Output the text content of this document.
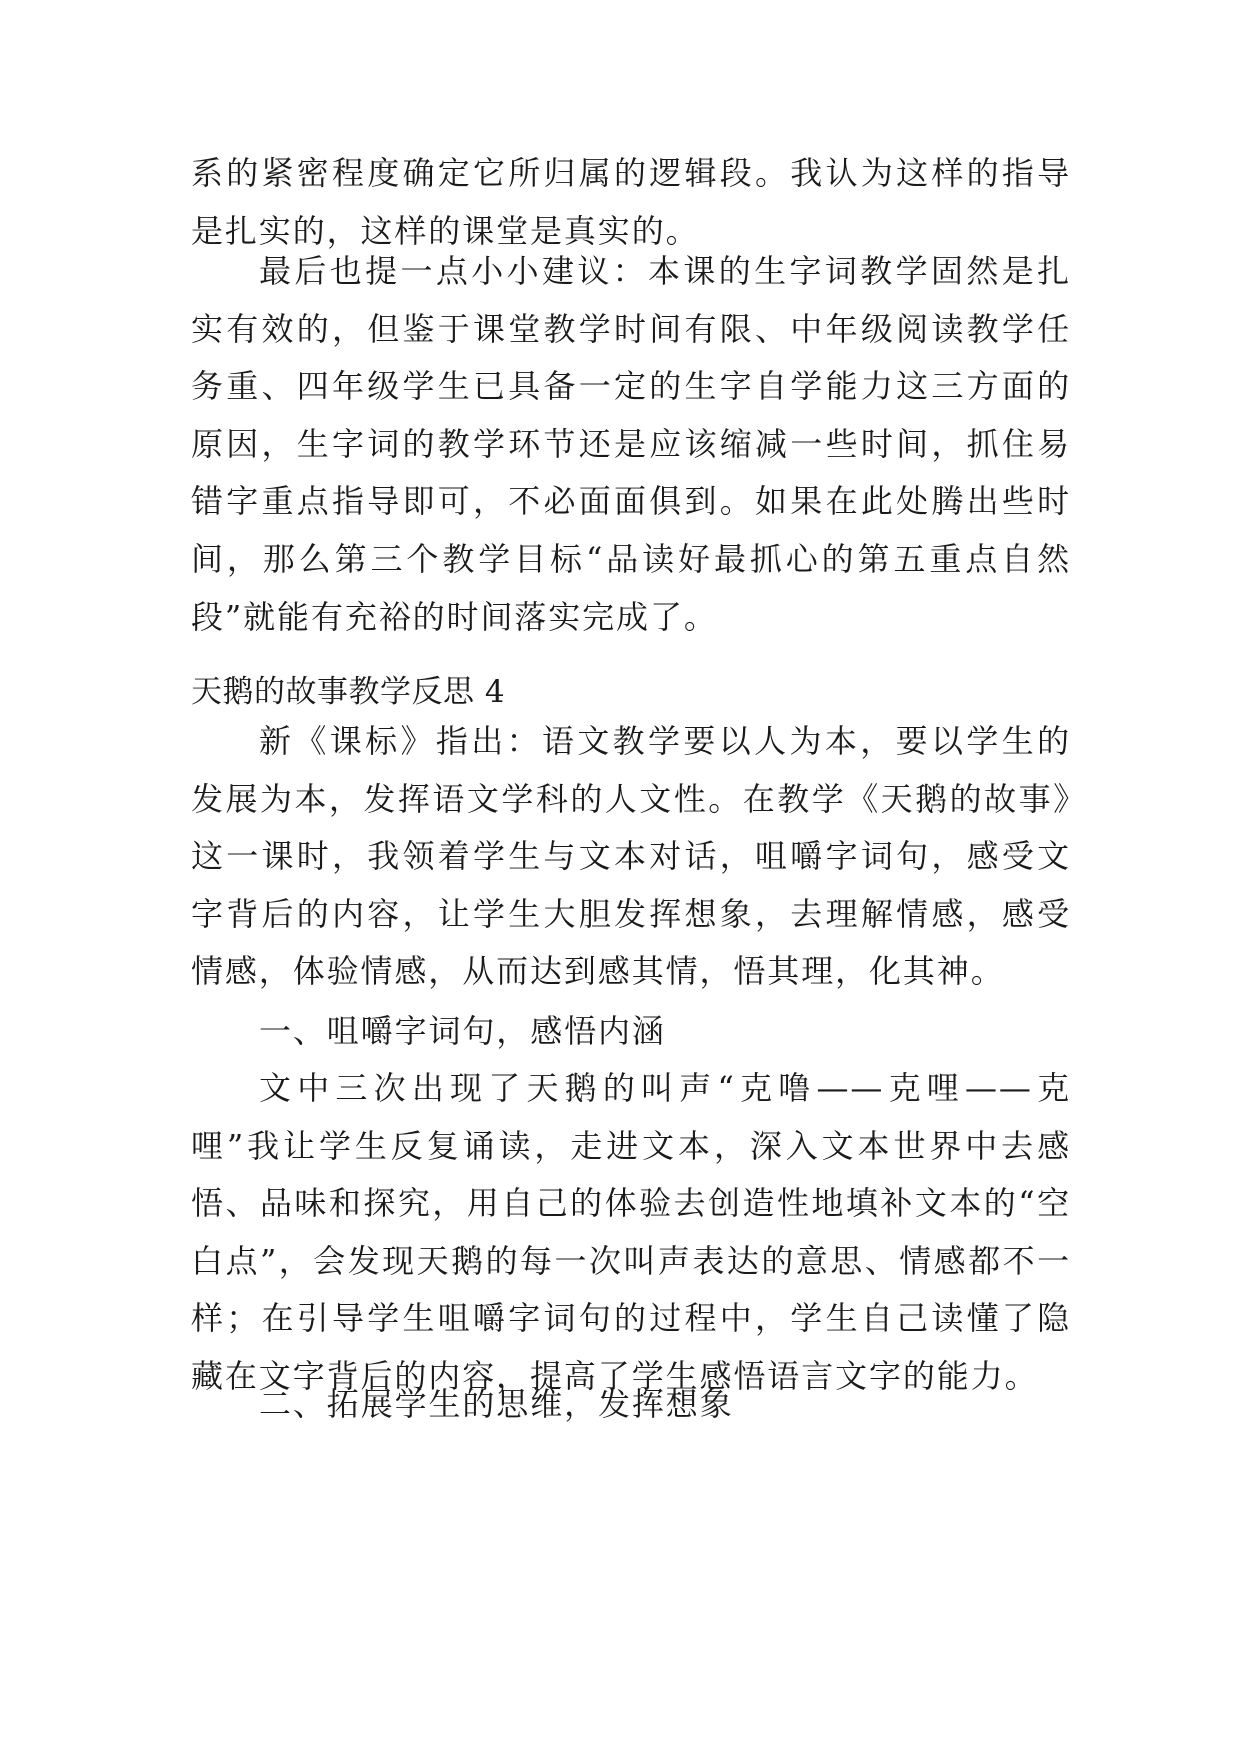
系的紧密程度确定它所归属的逻辑段。我认为这样的指导是扎实的，这样的课堂是真实的。

最后也提一点小小建议：本课的生字词教学固然是扎实有效的，但鉴于课堂教学时间有限、中年级阅读教学任务重、四年级学生已具备一定的生字自学能力这三方面的原因，生字词的教学环节还是应该缩减一些时间，抓住易错字重点指导即可，不必面面俱到。如果在此处腾出些时间，那么第三个教学目标“品读好最抓心的第五重点自然段”就能有充裕的时间落实完成了。

天鹅的故事教学反思 4

新《课标》指出：语文教学要以人为本，要以学生的发展为本，发挥语文学科的人文性。在教学《天鹅的故事》这一课时，我领着学生与文本对话，咀嚼字词句，感受文字背后的内容，让学生大胆发挥想象，去理解情感，感受情感，体验情感，从而达到感其情，悟其理，化其神。

一、咀嚼字词句，感悟内涵

文中三次出现了天鹅的叫声“克噜——克哩——克哩”我让学生反复诵读，走进文本，深入文本世界中去感悟、品味和探究，用自己的体验去创造性地填补文本的“空白点”，会发现天鹅的每一次叫声表达的意思、情感都不一样；在引导学生咀嚼字词句的过程中，学生自己读懂了隐藏在文字背后的内容，提高了学生感悟语言文字的能力。

二、拓展学生的思维，发挥想象
